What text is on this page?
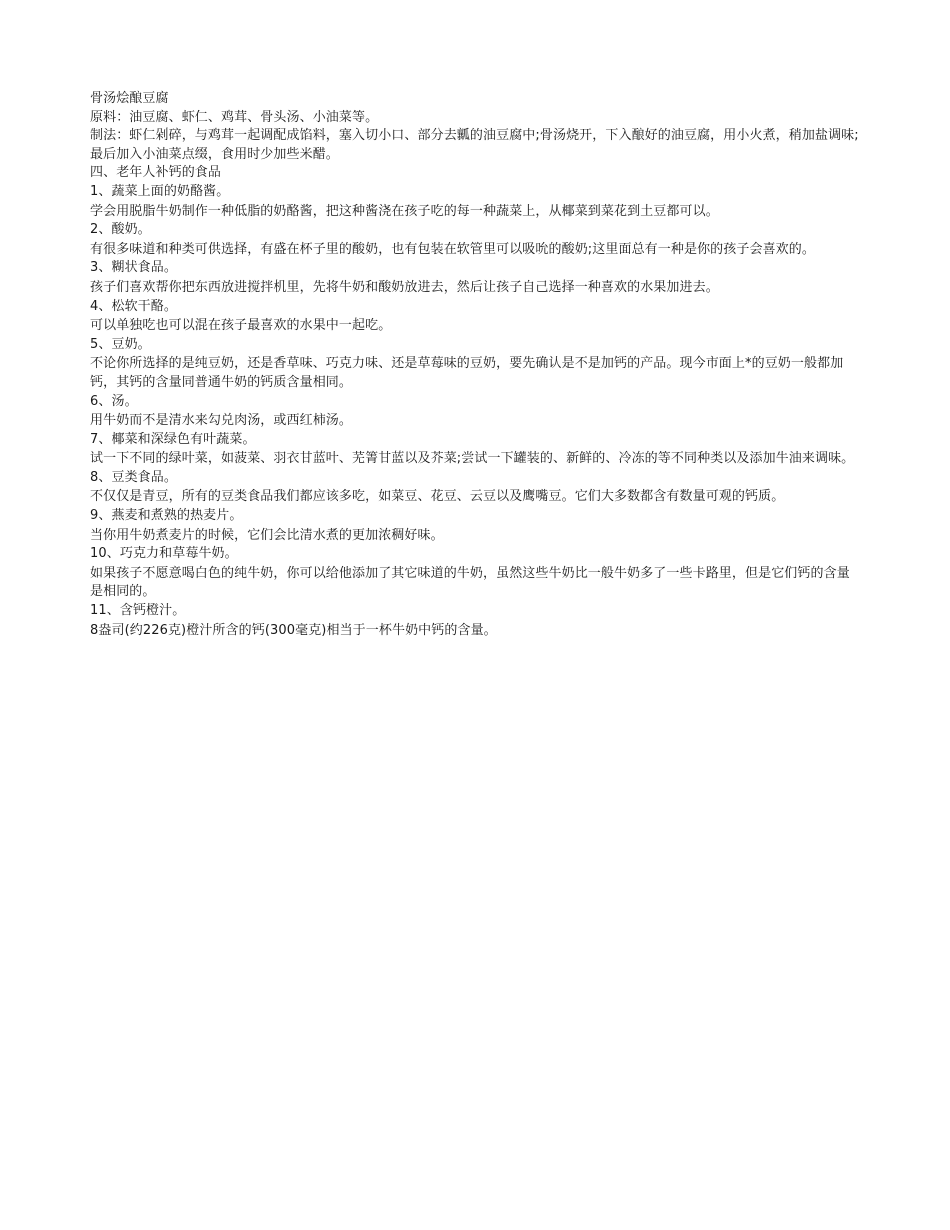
骨汤烩酿豆腐
原料：油豆腐、虾仁、鸡茸、骨头汤、小油菜等。
制法：虾仁剁碎，与鸡茸一起调配成馅料，塞入切小口、部分去瓤的油豆腐中;骨汤烧开，下入酿好的油豆腐，用小火煮，稍加盐调味;最后加入小油菜点缀，食用时少加些米醋。
四、老年人补钙的食品
1、蔬菜上面的奶酪酱。
学会用脱脂牛奶制作一种低脂的奶酪酱，把这种酱浇在孩子吃的每一种蔬菜上，从椰菜到菜花到土豆都可以。
2、酸奶。
有很多味道和种类可供选择，有盛在杯子里的酸奶，也有包装在软管里可以吸吮的酸奶;这里面总有一种是你的孩子会喜欢的。
3、糊状食品。
孩子们喜欢帮你把东西放进搅拌机里，先将牛奶和酸奶放进去，然后让孩子自己选择一种喜欢的水果加进去。
4、松软干酪。
可以单独吃也可以混在孩子最喜欢的水果中一起吃。
5、豆奶。
不论你所选择的是纯豆奶，还是香草味、巧克力味、还是草莓味的豆奶，要先确认是不是加钙的产品。现今市面上*的豆奶一般都加钙，其钙的含量同普通牛奶的钙质含量相同。
6、汤。
用牛奶而不是清水来勾兑肉汤，或西红柿汤。
7、椰菜和深绿色有叶蔬菜。
试一下不同的绿叶菜，如菠菜、羽衣甘蓝叶、芜箐甘蓝以及芥菜;尝试一下罐装的、新鲜的、冷冻的等不同种类以及添加牛油来调味。
8、豆类食品。
不仅仅是青豆，所有的豆类食品我们都应该多吃，如菜豆、花豆、云豆以及鹰嘴豆。它们大多数都含有数量可观的钙质。
9、燕麦和煮熟的热麦片。
当你用牛奶煮麦片的时候，它们会比清水煮的更加浓稠好味。
10、巧克力和草莓牛奶。
如果孩子不愿意喝白色的纯牛奶，你可以给他添加了其它味道的牛奶，虽然这些牛奶比一般牛奶多了一些卡路里，但是它们钙的含量是相同的。
11、含钙橙汁。
8盎司(约226克)橙汁所含的钙(300毫克)相当于一杯牛奶中钙的含量。
